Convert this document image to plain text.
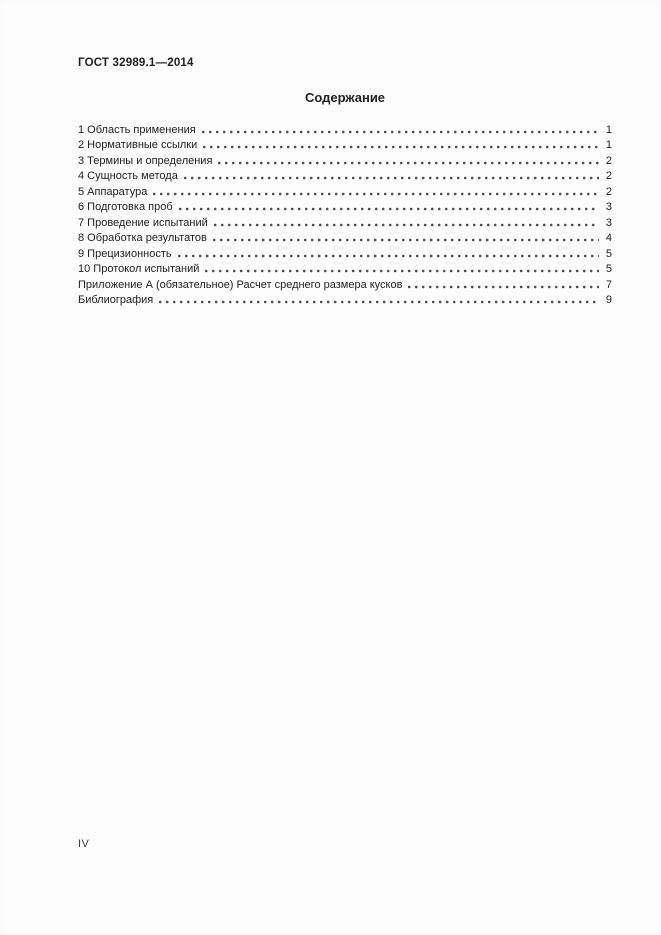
ГОСТ 32989.1—2014
Содержание
1 Область применения	1
2 Нормативные ссылки	1
3 Термины и определения	2
4 Сущность метода	2
5 Аппаратура	2
6 Подготовка проб	3
7 Проведение испытаний	3
8 Обработка результатов	4
9 Прецизионность	5
10 Протокол испытаний	5
Приложение А (обязательное) Расчет среднего размера кусков	7
Библиография	9
IV
